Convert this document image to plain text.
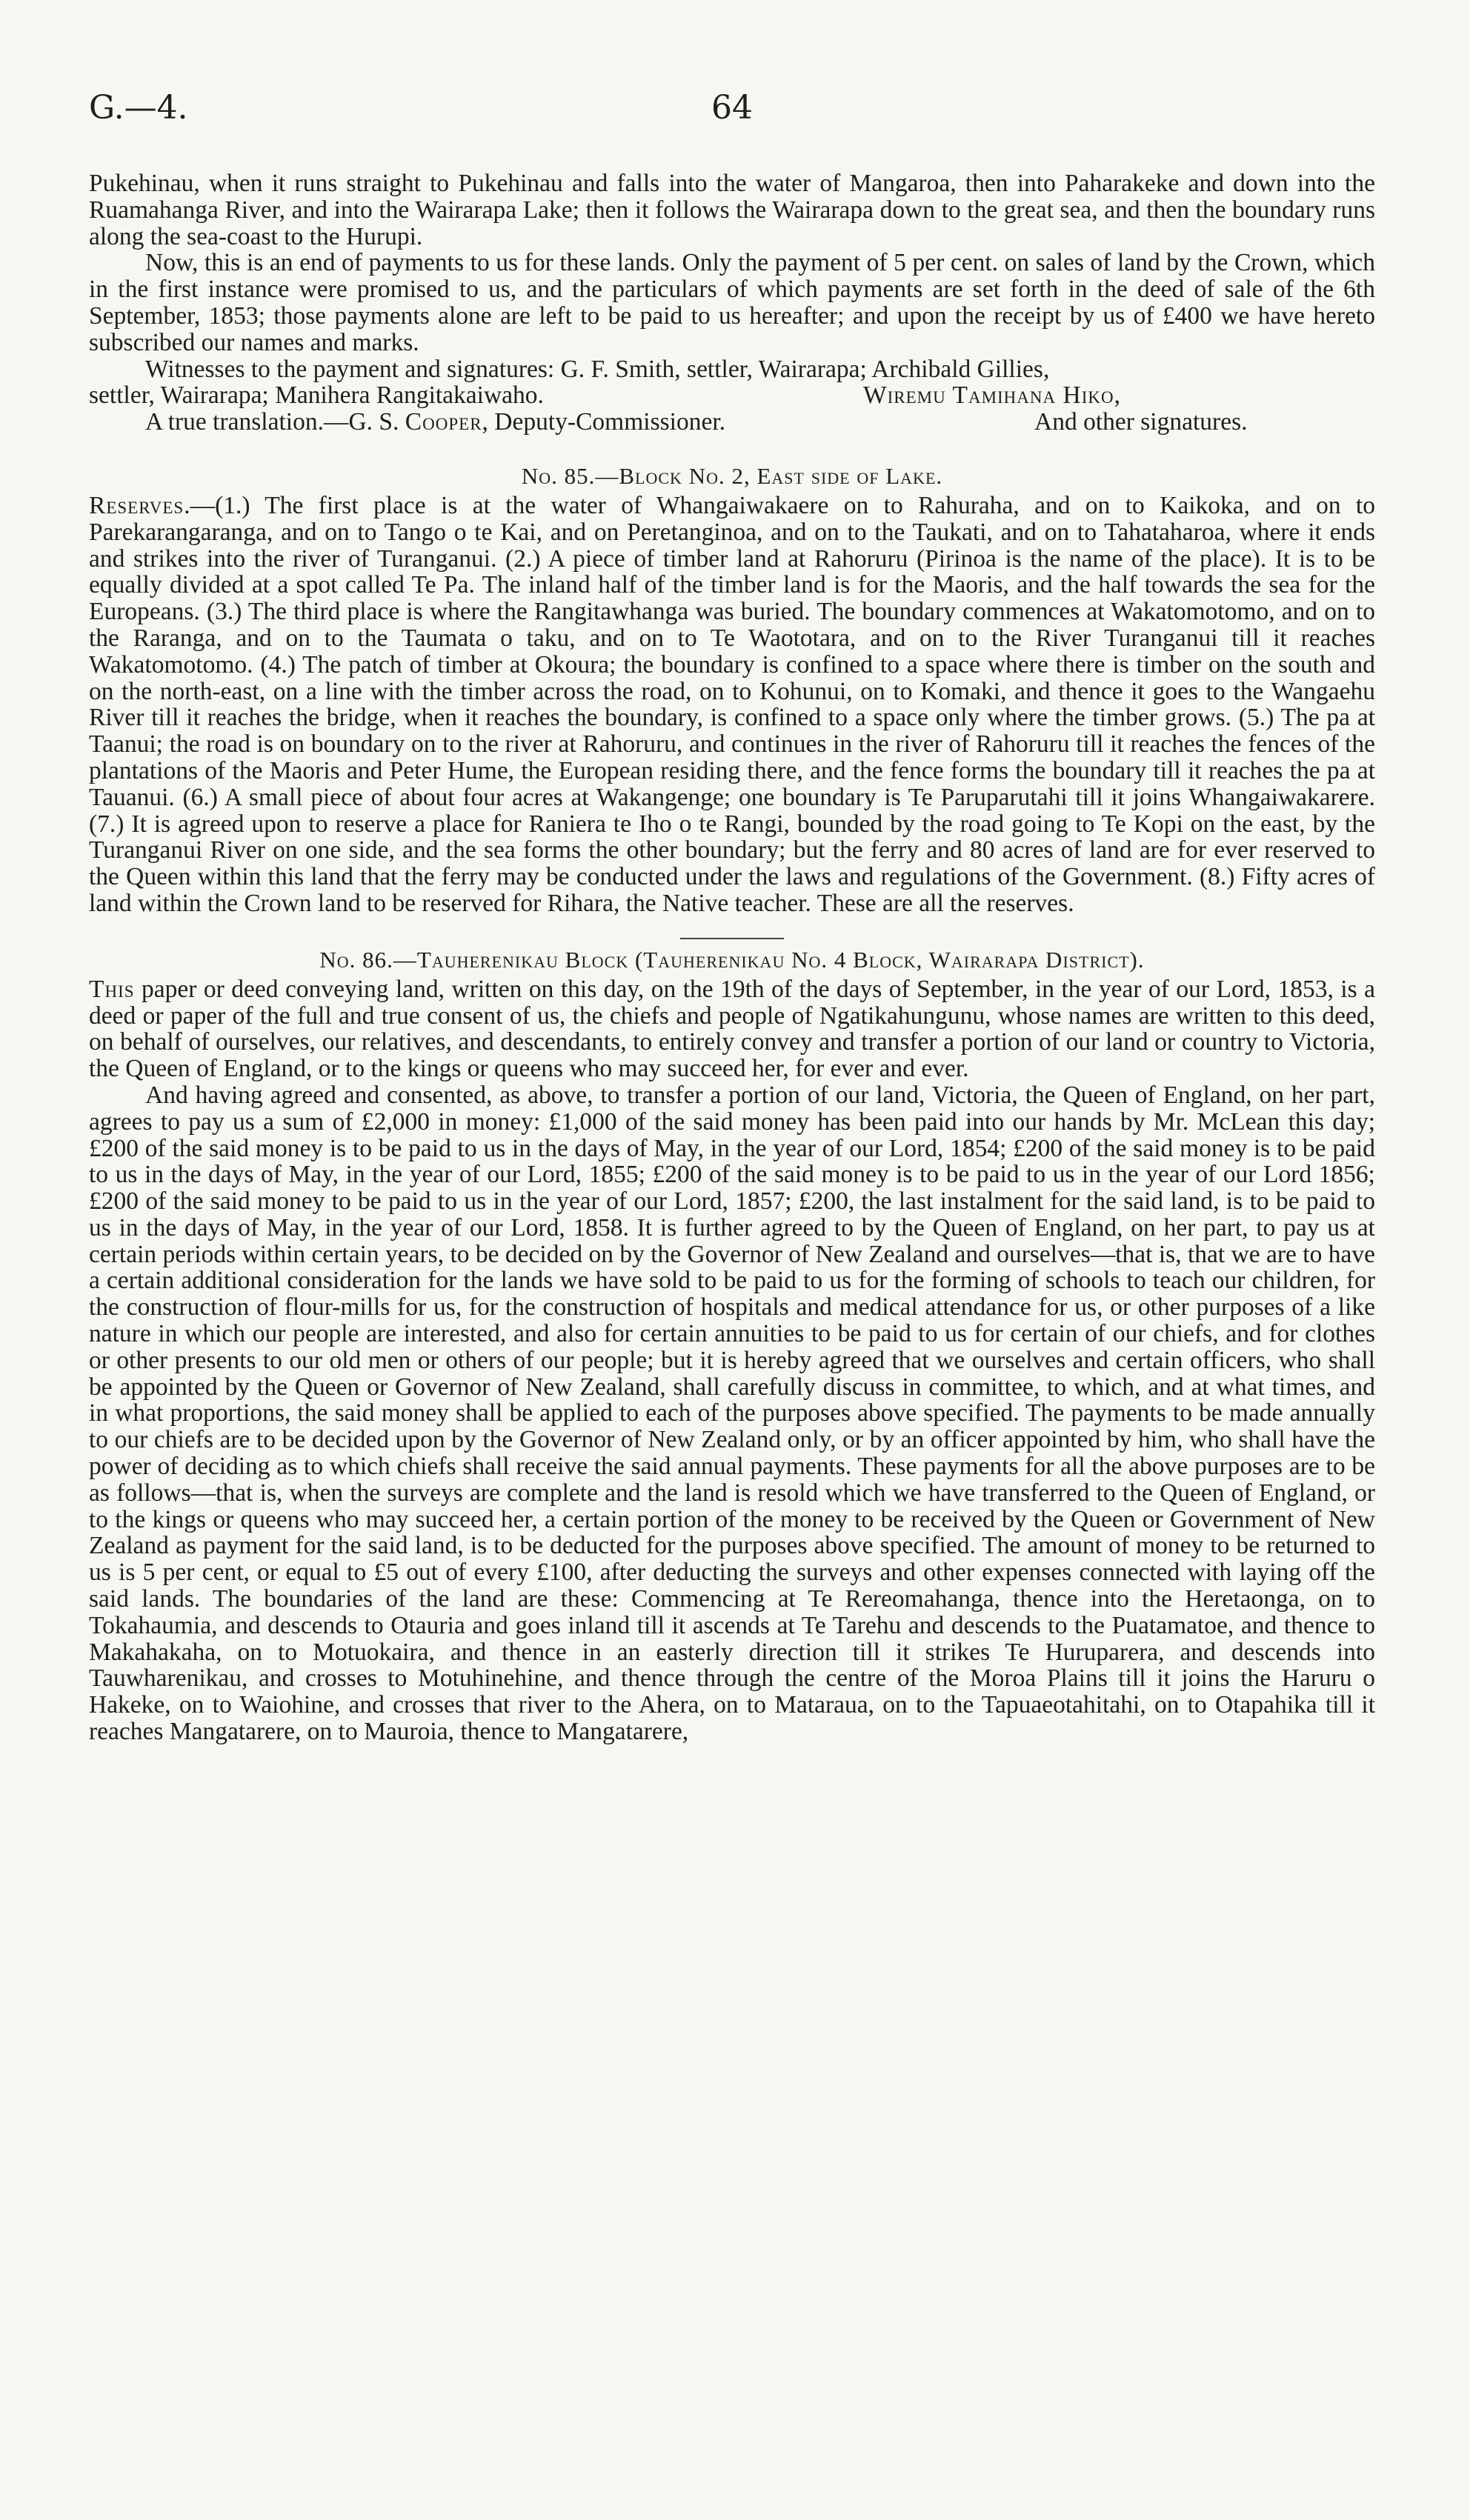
G.—4.	64

Pukehinau, when it runs straight to Pukehinau and falls into the water of Mangaroa, then into Paharakeke and down into the Ruamahanga River, and into the Wairarapa Lake; then it follows the Wairarapa down to the great sea, and then the boundary runs along the sea-coast to the Hurupi.

Now, this is an end of payments to us for these lands. Only the payment of 5 per cent. on sales of land by the Crown, which in the first instance were promised to us, and the particulars of which payments are set forth in the deed of sale of the 6th September, 1853; those payments alone are left to be paid to us hereafter; and upon the receipt by us of £400 we have hereto subscribed our names and marks.

Witnesses to the payment and signatures: G. F. Smith, settler, Wairarapa; Archibald Gillies,

settler, Wairarapa; Manihera Rangitakaiwaho.	Wiremu Tamihana Hiko,
A true translation.—G. S. Cooper, Deputy-Commissioner.	And other signatures.
No. 85.—Block No. 2, East side of Lake.

Reserves.—(1.) The first place is at the water of Whangaiwakaere on to Rahuraha, and on to Kaikoka, and on to Parekarangaranga, and on to Tango o te Kai, and on Peretanginoa, and on to the Taukati, and on to Tahataharoa, where it ends and strikes into the river of Turanganui. (2.) A piece of timber land at Rahoruru (Pirinoa is the name of the place). It is to be equally divided at a spot called Te Pa. The inland half of the timber land is for the Maoris, and the half towards the sea for the Europeans. (3.) The third place is where the Rangitawhanga was buried. The boundary commences at Wakatomotomo, and on to the Raranga, and on to the Taumata o taku, and on to Te Waototara, and on to the River Turanganui till it reaches Wakatomotomo. (4.) The patch of timber at Okoura; the boundary is confined to a space where there is timber on the south and on the north-east, on a line with the timber across the road, on to Kohunui, on to Komaki, and thence it goes to the Wangaehu River till it reaches the bridge, when it reaches the boundary, is confined to a space only where the timber grows. (5.) The pa at Taanui; the road is on boundary on to the river at Rahoruru, and continues in the river of Rahoruru till it reaches the fences of the plantations of the Maoris and Peter Hume, the European residing there, and the fence forms the boundary till it reaches the pa at Tauanui. (6.) A small piece of about four acres at Wakangenge; one boundary is Te Paruparutahi till it joins Whangaiwakarere. (7.) It is agreed upon to reserve a place for Raniera te Iho o te Rangi, bounded by the road going to Te Kopi on the east, by the Turanganui River on one side, and the sea forms the other boundary; but the ferry and 80 acres of land are for ever reserved to the Queen within this land that the ferry may be conducted under the laws and regulations of the Government. (8.) Fifty acres of land within the Crown land to be reserved for Rihara, the Native teacher. These are all the reserves.

No. 86.—Tauherenikau Block (Tauherenikau No. 4 Block, Wairarapa District).

This paper or deed conveying land, written on this day, on the 19th of the days of September, in the year of our Lord, 1853, is a deed or paper of the full and true consent of us, the chiefs and people of Ngatikahungunu, whose names are written to this deed, on behalf of ourselves, our relatives, and descendants, to entirely convey and transfer a portion of our land or country to Victoria, the Queen of England, or to the kings or queens who may succeed her, for ever and ever.

And having agreed and consented, as above, to transfer a portion of our land, Victoria, the Queen of England, on her part, agrees to pay us a sum of £2,000 in money: £1,000 of the said money has been paid into our hands by Mr. McLean this day; £200 of the said money is to be paid to us in the days of May, in the year of our Lord, 1854; £200 of the said money is to be paid to us in the days of May, in the year of our Lord, 1855; £200 of the said money is to be paid to us in the year of our Lord 1856; £200 of the said money to be paid to us in the year of our Lord, 1857; £200, the last instalment for the said land, is to be paid to us in the days of May, in the year of our Lord, 1858. It is further agreed to by the Queen of England, on her part, to pay us at certain periods within certain years, to be decided on by the Governor of New Zealand and ourselves—that is, that we are to have a certain additional consideration for the lands we have sold to be paid to us for the forming of schools to teach our children, for the construction of flour-mills for us, for the construction of hospitals and medical attendance for us, or other purposes of a like nature in which our people are interested, and also for certain annuities to be paid to us for certain of our chiefs, and for clothes or other presents to our old men or others of our people; but it is hereby agreed that we ourselves and certain officers, who shall be appointed by the Queen or Governor of New Zealand, shall carefully discuss in committee, to which, and at what times, and in what proportions, the said money shall be applied to each of the purposes above specified. The payments to be made annually to our chiefs are to be decided upon by the Governor of New Zealand only, or by an officer appointed by him, who shall have the power of deciding as to which chiefs shall receive the said annual payments. These payments for all the above purposes are to be as follows—that is, when the surveys are complete and the land is resold which we have transferred to the Queen of England, or to the kings or queens who may succeed her, a certain portion of the money to be received by the Queen or Government of New Zealand as payment for the said land, is to be deducted for the purposes above specified. The amount of money to be returned to us is 5 per cent, or equal to £5 out of every £100, after deducting the surveys and other expenses connected with laying off the said lands. The boundaries of the land are these: Commencing at Te Rereomahanga, thence into the Heretaonga, on to Tokahaumia, and descends to Otauria and goes inland till it ascends at Te Tarehu and descends to the Puatamatoe, and thence to Makahakaha, on to Motuokaira, and thence in an easterly direction till it strikes Te Huruparera, and descends into Tauwharenikau, and crosses to Motuhinehine, and thence through the centre of the Moroa Plains till it joins the Haruru o Hakeke, on to Waiohine, and crosses that river to the Ahera, on to Mataraua, on to the Tapuaeotahitahi, on to Otapahika till it reaches Mangatarere, on to Mauroia, thence to Mangatarere,
